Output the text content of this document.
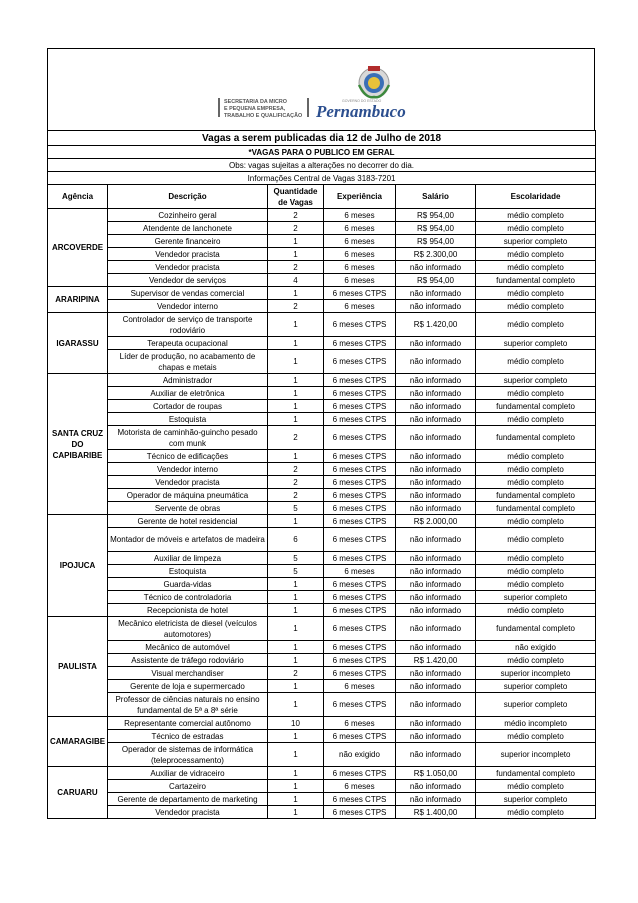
SECRETARIA DA MICRO
E PEQUENA EMPRESA,
TRABALHO E QUALIFICAÇÃO
GOVERNO DO ESTADO
Pernambuco
Vagas a serem publicadas dia 12 de Julho de 2018					
*VAGAS PARA O PUBLICO EM GERAL					
Obs: vagas sujeitas a alterações no decorrer do dia.					
Informações Central de Vagas 3183-7201					
Agência	Descrição	Quantidade de Vagas	Experiência	Salário	Escolaridade
ARCOVERDE	Cozinheiro geral	2	6 meses	R$ 954,00	médio completo
	Atendente de lanchonete	2	6 meses	R$ 954,00	médio completo
	Gerente financeiro	1	6 meses	R$ 954,00	superior completo
	Vendedor pracista	1	6 meses	R$ 2.300,00	médio completo
	Vendedor pracista	2	6 meses	não informado	médio completo
	Vendedor de serviços	4	6 meses	R$ 954,00	fundamental completo
ARARIPINA	Supervisor de vendas comercial	1	6 meses CTPS	não informado	médio completo
	Vendedor interno	2	6 meses	não informado	médio completo
IGARASSU	Controlador de serviço de transporte rodoviário	1	6 meses CTPS	R$ 1.420,00	médio completo
	Terapeuta ocupacional	1	6 meses CTPS	não informado	superior completo
	Líder de produção, no acabamento de chapas e metais	1	6 meses CTPS	não informado	médio completo
SANTA CRUZ DO CAPIBARIBE	Administrador	1	6 meses CTPS	não informado	superior completo
	Auxiliar de eletrônica	1	6 meses CTPS	não informado	médio completo
	Cortador de roupas	1	6 meses CTPS	não informado	fundamental completo
	Estoquista	1	6 meses CTPS	não informado	médio completo
	Motorista de caminhão-guincho pesado com munk	2	6 meses CTPS	não informado	fundamental completo
	Técnico de edificações	1	6 meses CTPS	não informado	médio completo
	Vendedor interno	2	6 meses CTPS	não informado	médio completo
	Vendedor pracista	2	6 meses CTPS	não informado	médio completo
	Operador de máquina pneumática	2	6 meses CTPS	não informado	fundamental completo
	Servente de obras	5	6 meses CTPS	não informado	fundamental completo
IPOJUCA	Gerente de hotel residencial	1	6 meses CTPS	R$ 2.000,00	médio completo
	Montador de móveis e artefatos de madeira	6	6 meses CTPS	não informado	médio completo
	Auxiliar de limpeza	5	6 meses CTPS	não informado	médio completo
	Estoquista	5	6 meses	não informado	médio completo
	Guarda-vidas	1	6 meses CTPS	não informado	médio completo
	Técnico de controladoria	1	6 meses CTPS	não informado	superior completo
	Recepcionista de hotel	1	6 meses CTPS	não informado	médio completo
PAULISTA	Mecânico eletricista de diesel (veículos automotores)	1	6 meses CTPS	não informado	fundamental completo
	Mecânico de automóvel	1	6 meses CTPS	não informado	não exigido
	Assistente de tráfego rodoviário	1	6 meses CTPS	R$ 1.420,00	médio completo
	Visual merchandiser	2	6 meses CTPS	não informado	superior incompleto
	Gerente de loja e supermercado	1	6 meses	não informado	superior completo
	Professor de ciências naturais no ensino fundamental de 5ª a 8ª série	1	6 meses CTPS	não informado	superior completo
CAMARAGIBE	Representante comercial autônomo	10	6 meses	não informado	médio incompleto
	Técnico de estradas	1	6 meses CTPS	não informado	médio completo
	Operador de sistemas de informática (teleprocessamento)	1	não exigido	não informado	superior incompleto
CARUARU	Auxiliar de vidraceiro	1	6 meses CTPS	R$ 1.050,00	fundamental completo
	Cartazeiro	1	6 meses	não informado	médio completo
	Gerente de departamento de marketing	1	6 meses CTPS	não informado	superior completo
	Vendedor pracista	1	6 meses CTPS	R$ 1.400,00	médio completo
